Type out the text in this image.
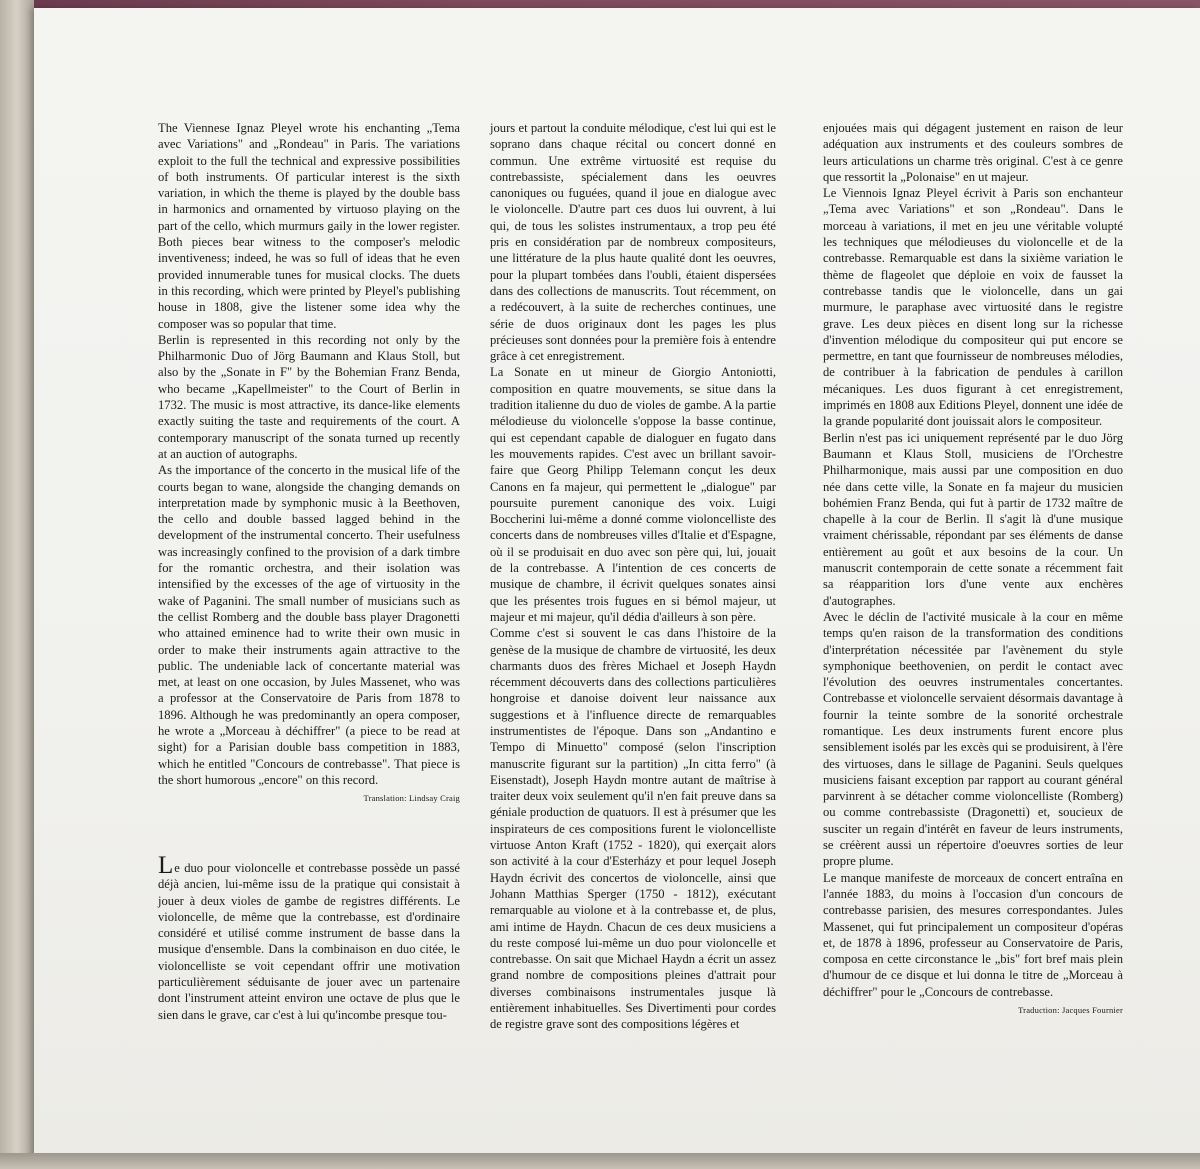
The Viennese Ignaz Pleyel wrote his enchanting „Tema avec Variations" and „Rondeau" in Paris. The variations exploit to the full the technical and expressive possibilities of both instruments. Of particular interest is the sixth variation, in which the theme is played by the double bass in harmonics and ornamented by virtuoso playing on the part of the cello, which murmurs gaily in the lower register. Both pieces bear witness to the composer's melodic inventiveness; indeed, he was so full of ideas that he even provided innumerable tunes for musical clocks. The duets in this recording, which were printed by Pleyel's publishing house in 1808, give the listener some idea why the composer was so popular that time.

Berlin is represented in this recording not only by the Philharmonic Duo of Jörg Baumann and Klaus Stoll, but also by the „Sonate in F" by the Bohemian Franz Benda, who became „Kapellmeister" to the Court of Berlin in 1732. The music is most attractive, its dance-like elements exactly suiting the taste and requirements of the court. A contemporary manuscript of the sonata turned up recently at an auction of autographs.

As the importance of the concerto in the musical life of the courts began to wane, alongside the changing demands on interpretation made by symphonic music à la Beethoven, the cello and double bassed lagged behind in the development of the instrumental concerto. Their usefulness was increasingly confined to the provision of a dark timbre for the romantic orchestra, and their isolation was intensified by the excesses of the age of virtuosity in the wake of Paganini. The small number of musicians such as the cellist Romberg and the double bass player Dragonetti who attained eminence had to write their own music in order to make their instruments again attractive to the public. The undeniable lack of concertante material was met, at least on one occasion, by Jules Massenet, who was a professor at the Conservatoire de Paris from 1878 to 1896. Although he was predominantly an opera composer, he wrote a „Morceau à déchiffrer" (a piece to be read at sight) for a Parisian double bass competition in 1883, which he entitled "Concours de contrebasse". That piece is the short humorous „encore" on this record.

Translation: Lindsay Craig

Le duo pour violoncelle et contrebasse possède un passé déjà ancien, lui-même issu de la pratique qui consistait à jouer à deux violes de gambe de registres différents. Le violoncelle, de même que la contrebasse, est d'ordinaire considéré et utilisé comme instrument de basse dans la musique d'ensemble. Dans la combinaison en duo citée, le violoncelliste se voit cependant offrir une motivation particulièrement séduisante de jouer avec un partenaire dont l'instrument atteint environ une octave de plus que le sien dans le grave, car c'est à lui qu'incombe presque tou-

jours et partout la conduite mélodique, c'est lui qui est le soprano dans chaque récital ou concert donné en commun. Une extrême virtuosité est requise du contrebassiste, spécialement dans les oeuvres canoniques ou fuguées, quand il joue en dialogue avec le violoncelle. D'autre part ces duos lui ouvrent, à lui qui, de tous les solistes instrumentaux, a trop peu été pris en considération par de nombreux compositeurs, une littérature de la plus haute qualité dont les oeuvres, pour la plupart tombées dans l'oubli, étaient dispersées dans des collections de manuscrits. Tout récemment, on a redécouvert, à la suite de recherches continues, une série de duos originaux dont les pages les plus précieuses sont données pour la première fois à entendre grâce à cet enregistrement.

La Sonate en ut mineur de Giorgio Antoniotti, composition en quatre mouvements, se situe dans la tradition italienne du duo de violes de gambe. A la partie mélodieuse du violoncelle s'oppose la basse continue, qui est cependant capable de dialoguer en fugato dans les mouvements rapides. C'est avec un brillant savoir-faire que Georg Philipp Telemann conçut les deux Canons en fa majeur, qui permettent le „dialogue" par poursuite purement canonique des voix. Luigi Boccherini lui-même a donné comme violoncelliste des concerts dans de nombreuses villes d'Italie et d'Espagne, où il se produisait en duo avec son père qui, lui, jouait de la contrebasse. A l'intention de ces concerts de musique de chambre, il écrivit quelques sonates ainsi que les présentes trois fugues en si bémol majeur, ut majeur et mi majeur, qu'il dédia d'ailleurs à son père.

Comme c'est si souvent le cas dans l'histoire de la genèse de la musique de chambre de virtuosité, les deux charmants duos des frères Michael et Joseph Haydn récemment découverts dans des collections particulières hongroise et danoise doivent leur naissance aux suggestions et à l'influence directe de remarquables instrumentistes de l'époque. Dans son „Andantino e Tempo di Minuetto" composé (selon l'inscription manuscrite figurant sur la partition) „In citta ferro" (à Eisenstadt), Joseph Haydn montre autant de maîtrise à traiter deux voix seulement qu'il n'en fait preuve dans sa géniale production de quatuors. Il est à présumer que les inspirateurs de ces compositions furent le violoncelliste virtuose Anton Kraft (1752 - 1820), qui exerçait alors son activité à la cour d'Esterházy et pour lequel Joseph Haydn écrivit des concertos de violoncelle, ainsi que Johann Matthias Sperger (1750 - 1812), exécutant remarquable au violone et à la contrebasse et, de plus, ami intime de Haydn. Chacun de ces deux musiciens a du reste composé lui-même un duo pour violoncelle et contrebasse. On sait que Michael Haydn a écrit un assez grand nombre de compositions pleines d'attrait pour diverses combinaisons instrumentales jusque là entièrement inhabituelles. Ses Divertimenti pour cordes de registre grave sont des compositions légères et

enjouées mais qui dégagent justement en raison de leur adéquation aux instruments et des couleurs sombres de leurs articulations un charme très original. C'est à ce genre que ressortit la „Polonaise" en ut majeur.

Le Viennois Ignaz Pleyel écrivit à Paris son enchanteur „Tema avec Variations" et son „Rondeau". Dans le morceau à variations, il met en jeu une véritable volupté les techniques que mélodieuses du violoncelle et de la contrebasse. Remarquable est dans la sixième variation le thème de flageolet que déploie en voix de fausset la contrebasse tandis que le violoncelle, dans un gai murmure, le paraphase avec virtuosité dans le registre grave. Les deux pièces en disent long sur la richesse d'invention mélodique du compositeur qui put encore se permettre, en tant que fournisseur de nombreuses mélodies, de contribuer à la fabrication de pendules à carillon mécaniques. Les duos figurant à cet enregistrement, imprimés en 1808 aux Editions Pleyel, donnent une idée de la grande popularité dont jouissait alors le compositeur.

Berlin n'est pas ici uniquement représenté par le duo Jörg Baumann et Klaus Stoll, musiciens de l'Orchestre Philharmonique, mais aussi par une composition en duo née dans cette ville, la Sonate en fa majeur du musicien bohémien Franz Benda, qui fut à partir de 1732 maître de chapelle à la cour de Berlin. Il s'agit là d'une musique vraiment chérissable, répondant par ses éléments de danse entièrement au goût et aux besoins de la cour. Un manuscrit contemporain de cette sonate a récemment fait sa réapparition lors d'une vente aux enchères d'autographes.

Avec le déclin de l'activité musicale à la cour en même temps qu'en raison de la transformation des conditions d'interprétation nécessitée par l'avènement du style symphonique beethovenien, on perdit le contact avec l'évolution des oeuvres instrumentales concertantes. Contrebasse et violoncelle servaient désormais davantage à fournir la teinte sombre de la sonorité orchestrale romantique. Les deux instruments furent encore plus sensiblement isolés par les excès qui se produisirent, à l'ère des virtuoses, dans le sillage de Paganini. Seuls quelques musiciens faisant exception par rapport au courant général parvinrent à se détacher comme violoncelliste (Romberg) ou comme contrebassiste (Dragonetti) et, soucieux de susciter un regain d'intérêt en faveur de leurs instruments, se créèrent aussi un répertoire d'oeuvres sorties de leur propre plume.

Le manque manifeste de morceaux de concert entraîna en l'année 1883, du moins à l'occasion d'un concours de contrebasse parisien, des mesures correspondantes. Jules Massenet, qui fut principalement un compositeur d'opéras et, de 1878 à 1896, professeur au Conservatoire de Paris, composa en cette circonstance le „bis" fort bref mais plein d'humour de ce disque et lui donna le titre de „Morceau à déchiffrer" pour le „Concours de contrebasse.

Traduction: Jacques Fournier
